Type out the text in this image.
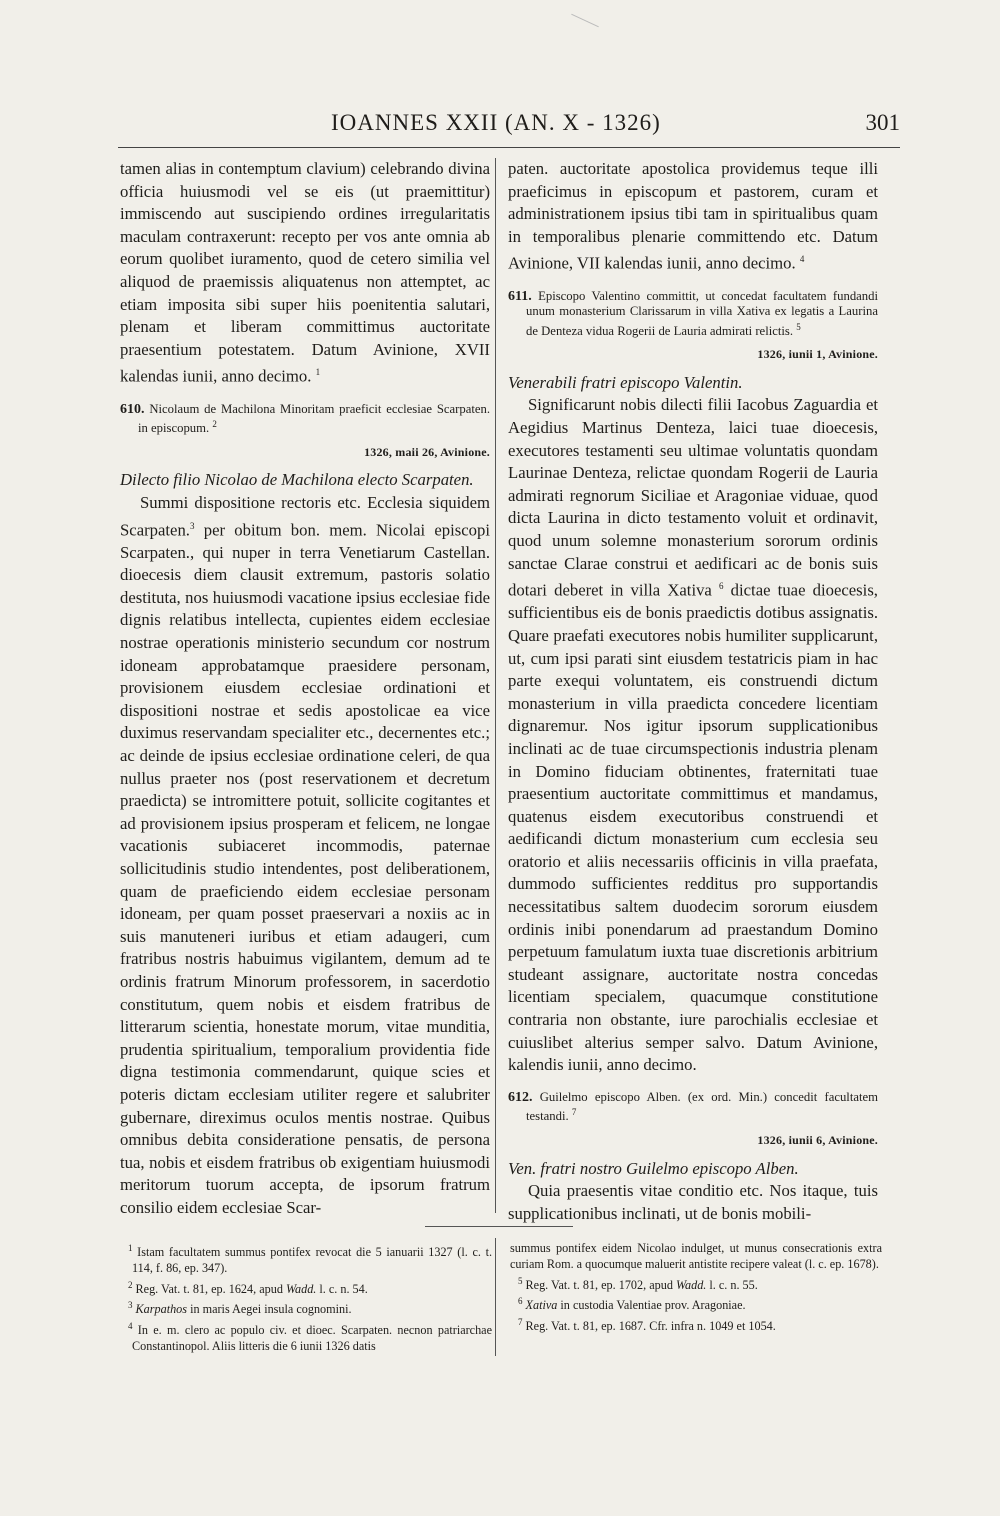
IOANNES XXII (AN. X - 1326)	301

tamen alias in contemptum clavium) celebrando divina officia huiusmodi vel se eis (ut praemittitur) immiscendo aut suscipiendo ordines irregularitatis maculam contraxerunt: recepto per vos ante omnia ab eorum quolibet iuramento, quod de cetero similia vel aliquod de praemissis aliquatenus non attemptet, ac etiam imposita sibi super hiis poenitentia salutari, plenam et liberam committimus auctoritate praesentium potestatem. Datum Avinione, XVII kalendas iunii, anno decimo. $^1$

610. Nicolaum de Machilona Minoritam praeficit ecclesiae Scarpaten. in episcopum. $^2$
1326, maii 26, Avinione.

Dilecto filio Nicolao de Machilona electo Scarpaten.

Summi dispositione rectoris etc. Ecclesia siquidem Scarpaten.$^3$ per obitum bon. mem. Nicolai episcopi Scarpaten., qui nuper in terra Venetiarum Castellan. dioecesis diem clausit extremum, pastoris solatio destituta, nos huiusmodi vacatione ipsius ecclesiae fide dignis relatibus intellecta, cupientes eidem ecclesiae nostrae operationis ministerio secundum cor nostrum idoneam approbatamque praesidere personam, provisionem eiusdem ecclesiae ordinationi et dispositioni nostrae et sedis apostolicae ea vice duximus reservandam specialiter etc., decernentes etc.; ac deinde de ipsius ecclesiae ordinatione celeri, de qua nullus praeter nos (post reservationem et decretum praedicta) se intromittere potuit, sollicite cogitantes et ad provisionem ipsius prosperam et felicem, ne longae vacationis subiaceret incommodis, paternae sollicitudinis studio intendentes, post deliberationem, quam de praeficiendo eidem ecclesiae personam idoneam, per quam posset praeservari a noxiis ac in suis manuteneri iuribus et etiam adaugeri, cum fratribus nostris habuimus vigilantem, demum ad te ordinis fratrum Minorum professorem, in sacerdotio constitutum, quem nobis et eisdem fratribus de litterarum scientia, honestate morum, vitae munditia, prudentia spiritualium, temporalium providentia fide digna testimonia commendarunt, quique scies et poteris dictam ecclesiam utiliter regere et salubriter gubernare, direximus oculos mentis nostrae. Quibus omnibus debita consideratione pensatis, de persona tua, nobis et eisdem fratribus ob exigentiam huiusmodi meritorum tuorum accepta, de ipsorum fratrum consilio eidem ecclesiae Scar-

paten. auctoritate apostolica providemus teque illi praeficimus in episcopum et pastorem, curam et administrationem ipsius tibi tam in spiritualibus quam in temporalibus plenarie committendo etc. Datum Avinione, VII kalendas iunii, anno decimo. $^4$

611. Episcopo Valentino committit, ut concedat facultatem fundandi unum monasterium Clarissarum in villa Xativa ex legatis a Laurina de Denteza vidua Rogerii de Lauria admirati relictis. $^5$
1326, iunii 1, Avinione.

Venerabili fratri episcopo Valentin.

Significarunt nobis dilecti filii Iacobus Zaguardia et Aegidius Martinus Denteza, laici tuae dioecesis, executores testamenti seu ultimae voluntatis quondam Laurinae Denteza, relictae quondam Rogerii de Lauria admirati regnorum Siciliae et Aragoniae viduae, quod dicta Laurina in dicto testamento voluit et ordinavit, quod unum solemne monasterium sororum ordinis sanctae Clarae construi et aedificari ac de bonis suis dotari deberet in villa Xativa $^6$ dictae tuae dioecesis, sufficientibus eis de bonis praedictis dotibus assignatis. Quare praefati executores nobis humiliter supplicarunt, ut, cum ipsi parati sint eiusdem testatricis piam in hac parte exequi voluntatem, eis construendi dictum monasterium in villa praedicta concedere licentiam dignaremur. Nos igitur ipsorum supplicationibus inclinati ac de tuae circumspectionis industria plenam in Domino fiduciam obtinentes, fraternitati tuae praesentium auctoritate committimus et mandamus, quatenus eisdem executoribus construendi et aedificandi dictum monasterium cum ecclesia seu oratorio et aliis necessariis officinis in villa praefata, dummodo sufficientes redditus pro supportandis necessitatibus saltem duodecim sororum eiusdem ordinis inibi ponendarum ad praestandum Domino perpetuum famulatum iuxta tuae discretionis arbitrium studeant assignare, auctoritate nostra concedas licentiam specialem, quacumque constitutione contraria non obstante, iure parochialis ecclesiae et cuiuslibet alterius semper salvo. Datum Avinione, kalendis iunii, anno decimo.

612. Guilelmo episcopo Alben. (ex ord. Min.) concedit facultatem testandi. $^7$
1326, iunii 6, Avinione.

Ven. fratri nostro Guilelmo episcopo Alben.

Quia praesentis vitae conditio etc. Nos itaque, tuis supplicationibus inclinati, ut de bonis mobili-

$^1$ Istam facultatem summus pontifex revocat die 5 ianuarii 1327 (l. c. t. 114, f. 86, ep. 347).

$^2$ Reg. Vat. t. 81, ep. 1624, apud Wadd. l. c. n. 54.

$^3$ Karpathos in maris Aegei insula cognomini.

$^4$ In e. m. clero ac populo civ. et dioec. Scarpaten. necnon patriarchae Constantinopol. Aliis litteris die 6 iunii 1326 datis

summus pontifex eidem Nicolao indulget, ut munus consecrationis extra curiam Rom. a quocumque maluerit antistite recipere valeat (l. c. ep. 1678).

$^5$ Reg. Vat. t. 81, ep. 1702, apud Wadd. l. c. n. 55.

$^6$ Xativa in custodia Valentiae prov. Aragoniae.

$^7$ Reg. Vat. t. 81, ep. 1687. Cfr. infra n. 1049 et 1054.
